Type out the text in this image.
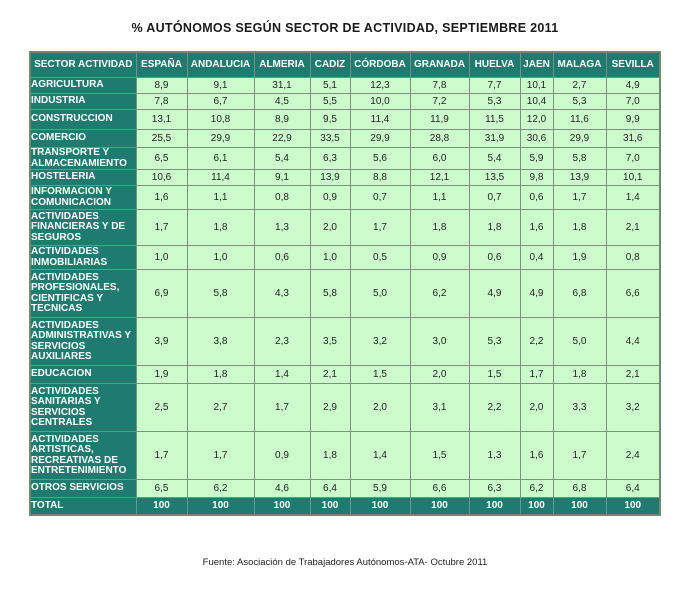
% AUTÓNOMOS SEGÚN SECTOR DE ACTIVIDAD, SEPTIEMBRE 2011
SECTOR ACTIVIDAD	ESPAÑA	ANDALUCIA	ALMERIA	CADIZ	CÓRDOBA	GRANADA	HUELVA	JAEN	MALAGA	SEVILLA
AGRICULTURA	8,9	9,1	31,1	5,1	12,3	7,8	7,7	10,1	2,7	4,9
INDUSTRIA	7,8	6,7	4,5	5,5	10,0	7,2	5,3	10,4	5,3	7,0
CONSTRUCCION	13,1	10,8	8,9	9,5	11,4	11,9	11,5	12,0	11,6	9,9
COMERCIO	25,5	29,9	22,9	33,5	29,9	28,8	31,9	30,6	29,9	31,6
TRANSPORTE Y ALMACENAMIENTO	6,5	6,1	5,4	6,3	5,6	6,0	5,4	5,9	5,8	7,0
HOSTELERIA	10,6	11,4	9,1	13,9	8,8	12,1	13,5	9,8	13,9	10,1
INFORMACION Y COMUNICACION	1,6	1,1	0,8	0,9	0,7	1,1	0,7	0,6	1,7	1,4
ACTIVIDADES FINANCIERAS Y DE SEGUROS	1,7	1,8	1,3	2,0	1,7	1,8	1,8	1,6	1,8	2,1
ACTIVIDADES INMOBILIARIAS	1,0	1,0	0,6	1,0	0,5	0,9	0,6	0,4	1,9	0,8
ACTIVIDADES PROFESIONALES, CIENTIFICAS Y TECNICAS	6,9	5,8	4,3	5,8	5,0	6,2	4,9	4,9	6,8	6,6
ACTIVIDADES ADMINISTRATIVAS Y SERVICIOS AUXILIARES	3,9	3,8	2,3	3,5	3,2	3,0	5,3	2,2	5,0	4,4
EDUCACION	1,9	1,8	1,4	2,1	1,5	2,0	1,5	1,7	1,8	2,1
ACTIVIDADES SANITARIAS Y SERVICIOS CENTRALES	2,5	2,7	1,7	2,9	2,0	3,1	2,2	2,0	3,3	3,2
ACTIVIDADES ARTISTICAS, RECREATIVAS DE ENTRETENIMIENTO	1,7	1,7	0,9	1,8	1,4	1,5	1,3	1,6	1,7	2,4
OTROS SERVICIOS	6,5	6,2	4,6	6,4	5,9	6,6	6,3	6,2	6,8	6,4
TOTAL	100	100	100	100	100	100	100	100	100	100
Fuente: Asociación de Trabajadores Autónomos-ATA- Octubre 2011
